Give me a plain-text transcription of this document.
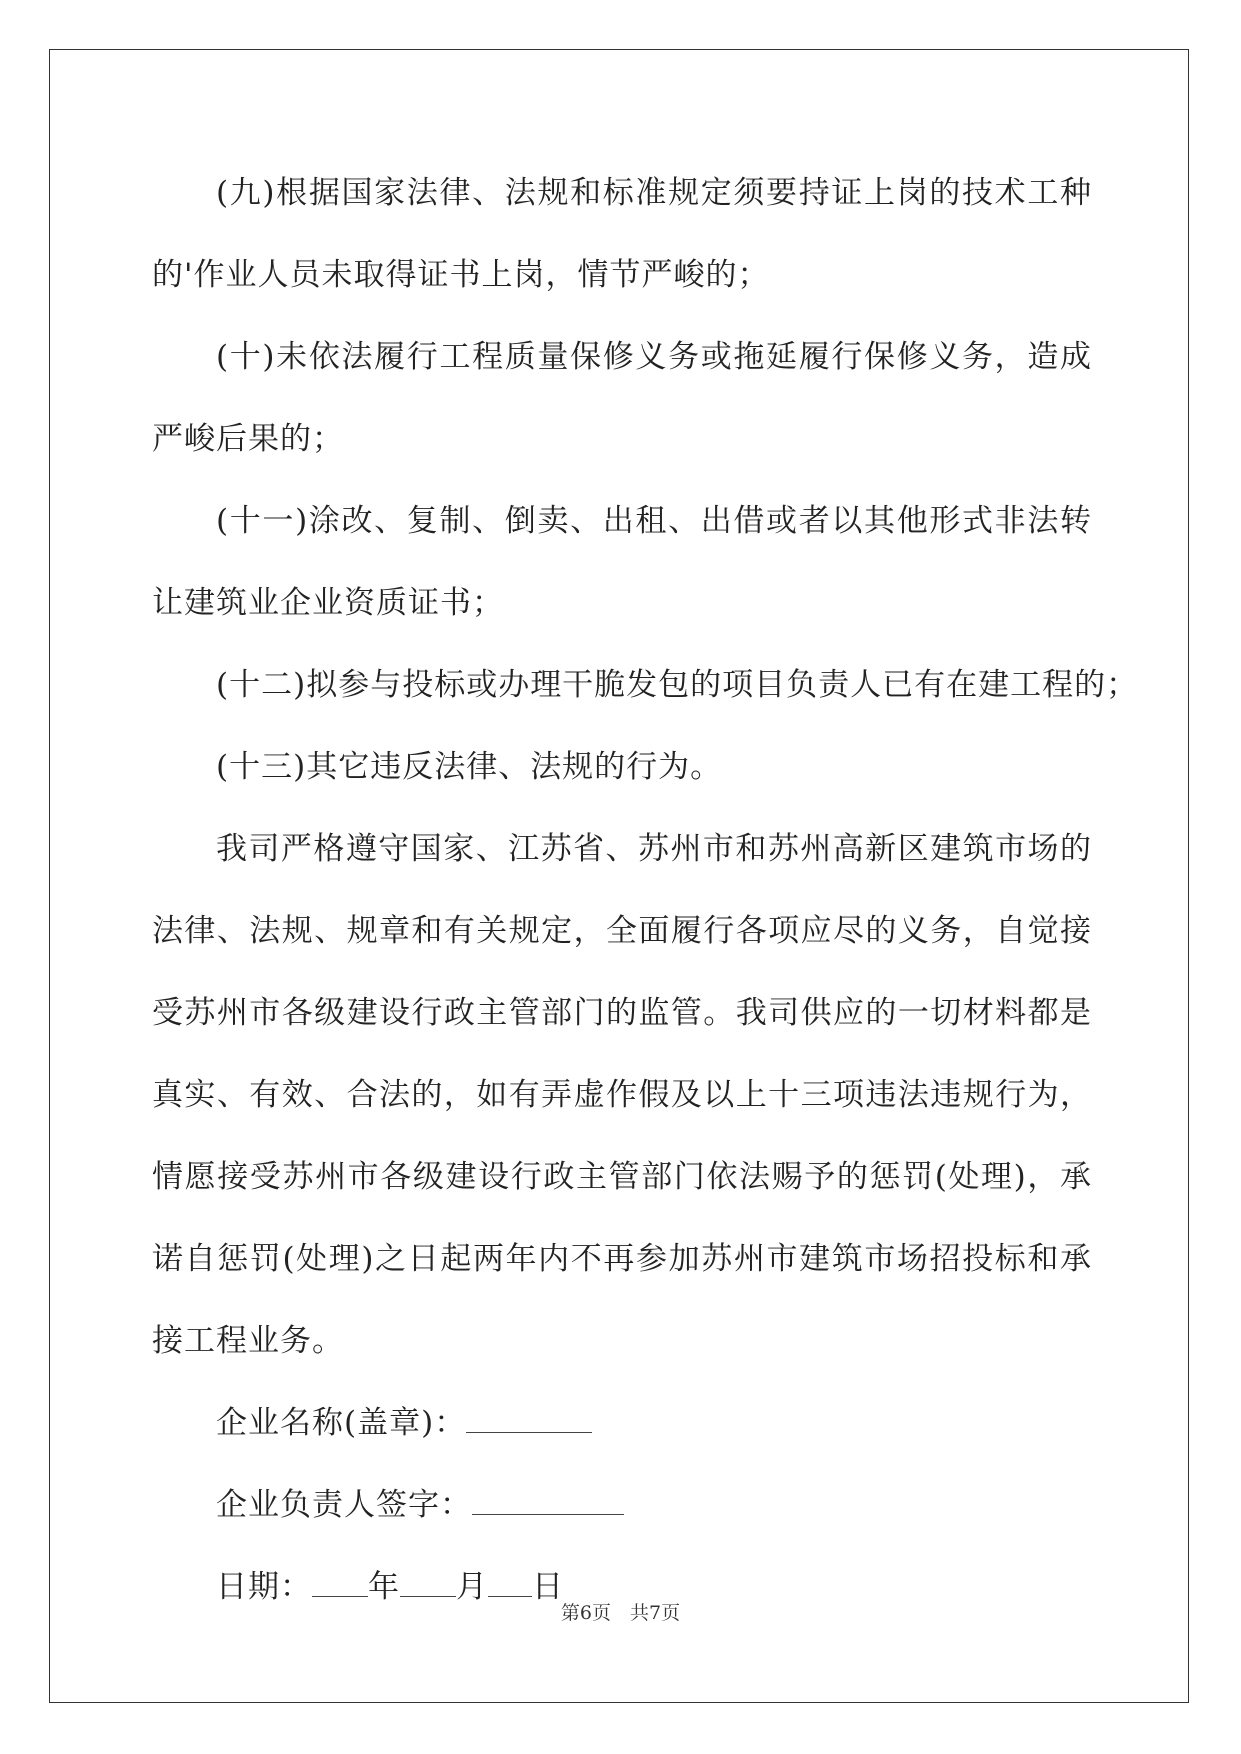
(九)根据国家法律、法规和标准规定须要持证上岗的技术工种的'作业人员未取得证书上岗，情节严峻的；

(十)未依法履行工程质量保修义务或拖延履行保修义务，造成严峻后果的；

(十一)涂改、复制、倒卖、出租、出借或者以其他形式非法转让建筑业企业资质证书；

(十二)拟参与投标或办理干脆发包的项目负责人已有在建工程的；

(十三)其它违反法律、法规的行为。

我司严格遵守国家、江苏省、苏州市和苏州高新区建筑市场的法律、法规、规章和有关规定，全面履行各项应尽的义务，自觉接受苏州市各级建设行政主管部门的监管。我司供应的一切材料都是真实、有效、合法的，如有弄虚作假及以上十三项违法违规行为，情愿接受苏州市各级建设行政主管部门依法赐予的惩罚(处理)，承诺自惩罚(处理)之日起两年内不再参加苏州市建筑市场招投标和承接工程业务。

企业名称(盖章)：

企业负责人签字：

日期： 年 月 日

第6页　共7页
